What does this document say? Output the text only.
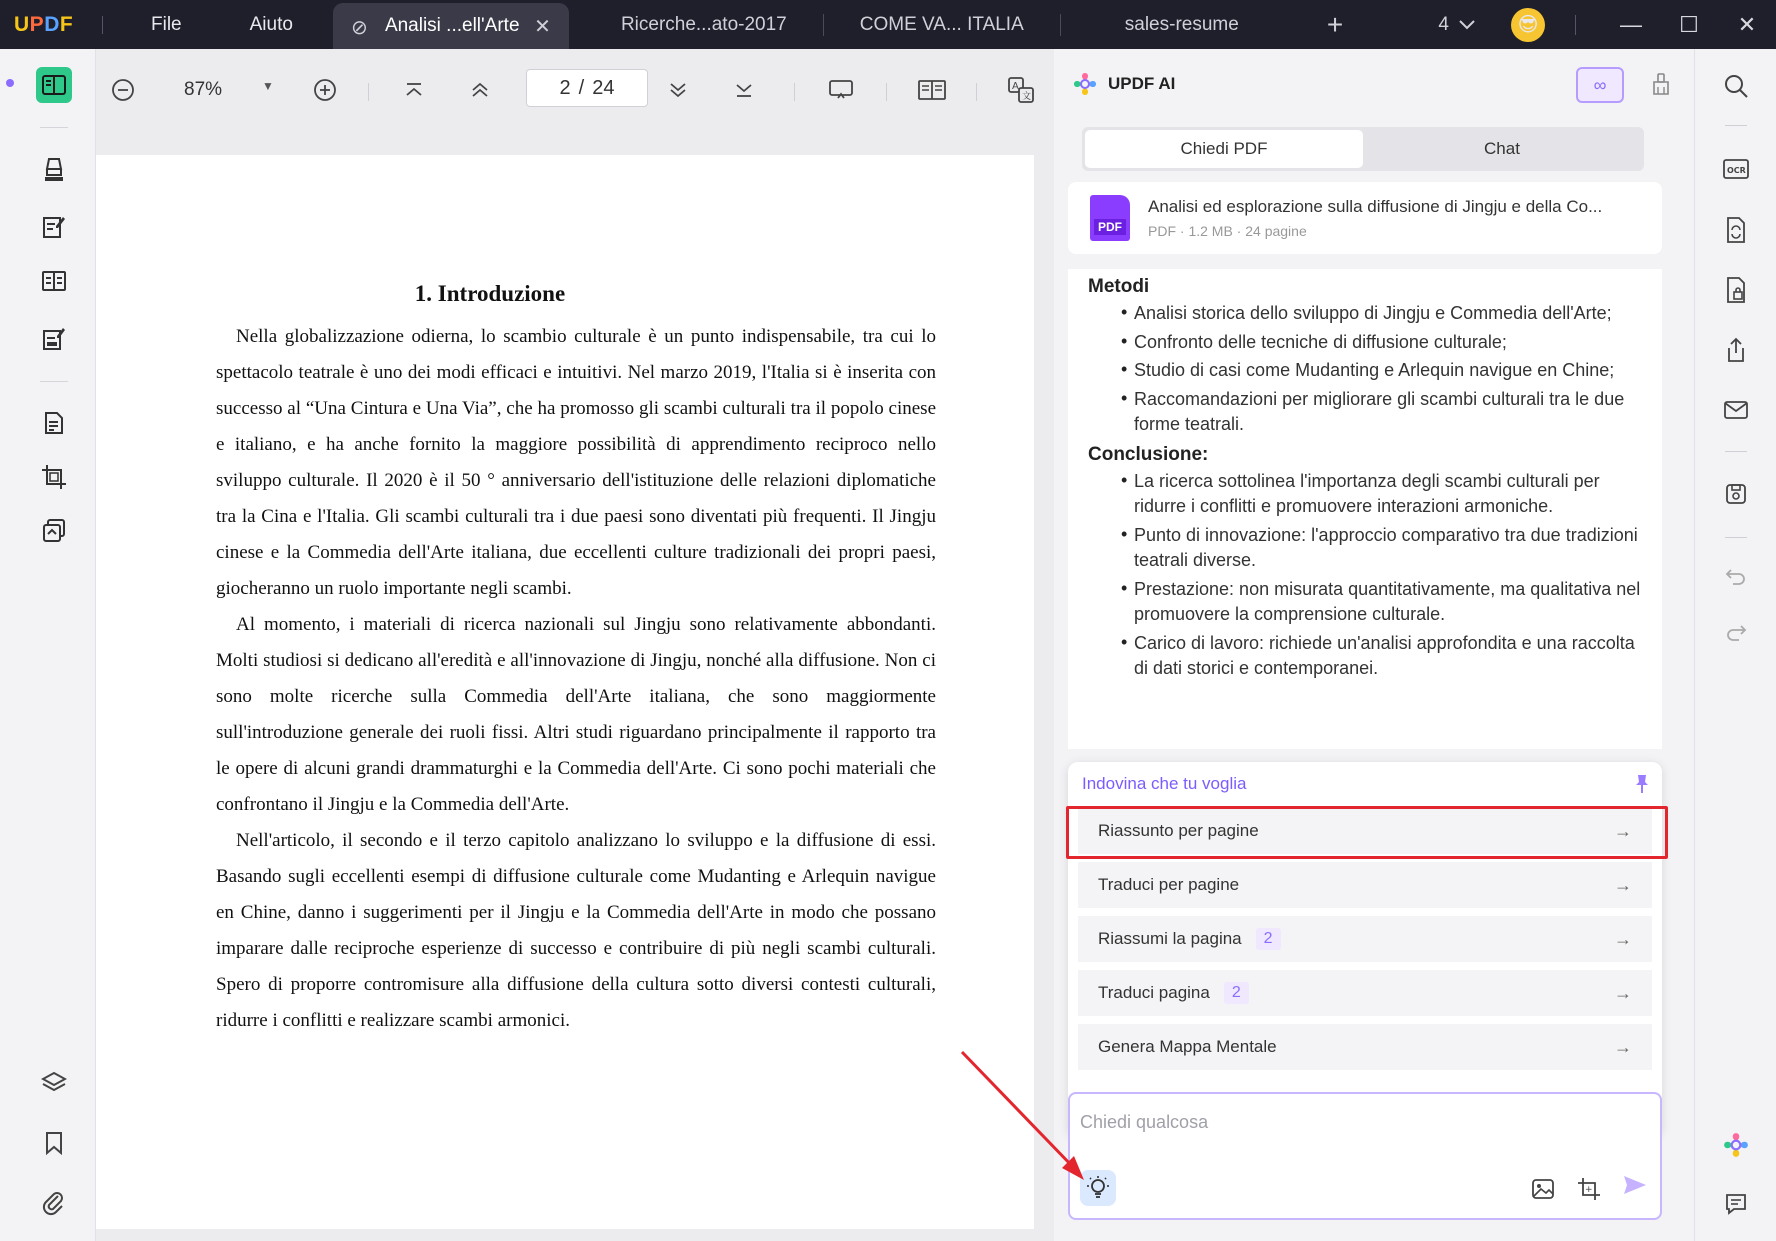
UPDF	File	Aiuto	⊘ Analisi ...ell'Arte ✕	Ricerche...ato-2017	COME VA... ITALIA	sales-resume	+	4	😎	—	☐	✕
87%	▼	2 / 24	A
文
1. Introduzione

Nella globalizzazione odierna, lo scambio culturale è un punto indispensabile, tra cui lo spettacolo teatrale è uno dei modi efficaci e intuitivi. Nel marzo 2019, l'Italia si è inserita con successo al “Una Cintura e Una Via”, che ha promosso gli scambi culturali tra il popolo cinese e italiano, e ha anche fornito la maggiore possibilità di apprendimento reciproco nello sviluppo culturale. Il 2020 è il 50 ° anniversario dell'istituzione delle relazioni diplomatiche tra la Cina e l'Italia. Gli scambi culturali tra i due paesi sono diventati più frequenti. Il Jingju cinese e la Commedia dell'Arte italiana, due eccellenti culture tradizionali dei propri paesi, giocheranno un ruolo importante negli scambi.

Al momento, i materiali di ricerca nazionali sul Jingju sono relativamente abbondanti. Molti studiosi si dedicano all'eredità e all'innovazione di Jingju, nonché alla diffusione. Non ci sono molte ricerche sulla Commedia dell'Arte italiana, che sono maggiormente sull'introduzione generale dei ruoli fissi. Altri studi riguardano principalmente il rapporto tra le opere di alcuni grandi drammaturghi e la Commedia dell'Arte. Ci sono pochi materiali che confrontano il Jingju e la Commedia dell'Arte.

Nell'articolo, il secondo e il terzo capitolo analizzano lo sviluppo e la diffusione di essi. Basando sugli eccellenti esempi di diffusione culturale come Mudanting e Arlequin navigue en Chine, danno i suggerimenti per il Jingju e la Commedia dell'Arte in modo che possano imparare dalle reciproche esperienze di successo e contribuire di più negli scambi culturali. Spero di proporre contromisure alla diffusione della cultura sotto diversi contesti culturali, ridurre i conflitti e realizzare scambi armonici.

UPDF AI	∞
Chiedi PDF	Chat
PDF
Analisi ed esplorazione sulla diffusione di Jingju e della Co...
PDF · 1.2 MB · 24 pagine
Metodi
• Analisi storica dello sviluppo di Jingju e Commedia dell'Arte;
• Confronto delle tecniche di diffusione culturale;
• Studio di casi come Mudanting e Arlequin navigue en Chine;
• Raccomandazioni per migliorare gli scambi culturali tra le due forme teatrali.
Conclusione:
• La ricerca sottolinea l'importanza degli scambi culturali per ridurre i conflitti e promuovere interazioni armoniche.
• Punto di innovazione: l'approccio comparativo tra due tradizioni teatrali diverse.
• Prestazione: non misurata quantitativamente, ma qualitativa nel promuovere la comprensione culturale.
• Carico di lavoro: richiede un'analisi approfondita e una raccolta di dati storici e contemporanei.
Indovina che tu voglia
Riassunto per pagine	→
Traduci per pagine	→
Riassumi la pagina	2	→
Traduci pagina	2	→
Genera Mappa Mentale	→
Chiedi qualcosa
+
OCR
